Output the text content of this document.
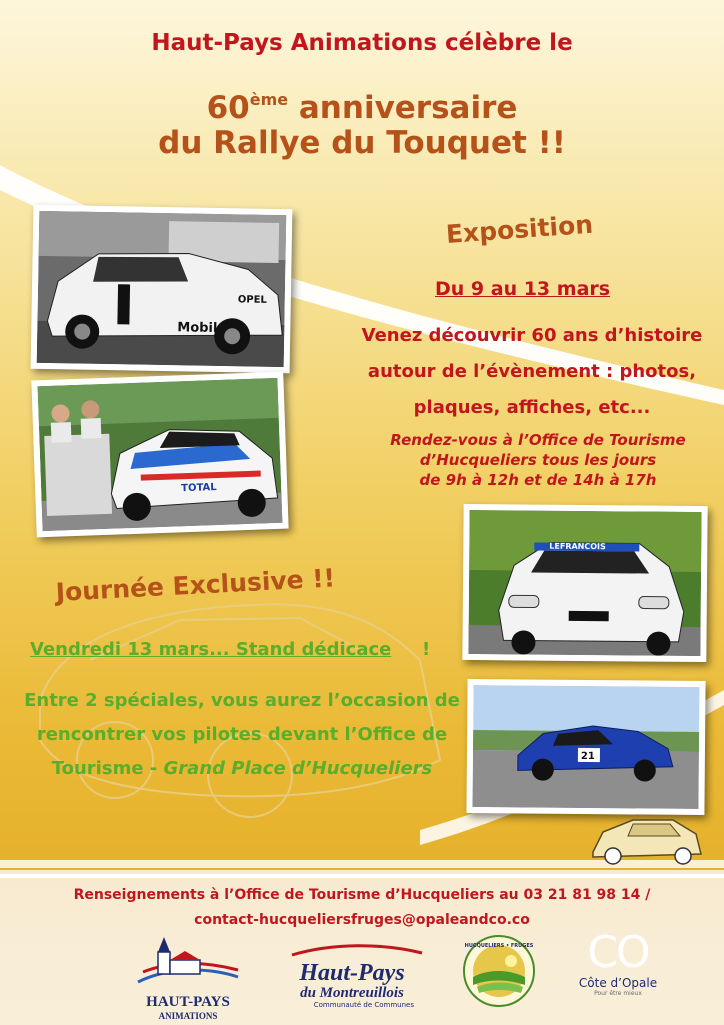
Haut-Pays Animations célèbre le
60ème anniversaire
du Rallye du Touquet !!
Mobil
OPEL
TOTAL
Exposition
Du 9 au 13 mars
Venez découvrir 60 ans d’histoire
autour de l’évènement : photos,
plaques, affiches, etc...
Rendez-vous à l’Office de Tourisme
d’Hucqueliers tous les jours
de 9h à 12h et de 14h à 17h
LEFRANCOIS
21
Journée Exclusive !!
Vendredi 13 mars... Stand dédicace !
Entre 2 spéciales, vous aurez l’occasion de
rencontrer vos pilotes devant l’Office de
Tourisme - Grand Place d’Hucqueliers
Renseignements à l’Office de Tourisme d’Hucqueliers au 03 21 81 98 14 /
contact-hucqueliersfruges@opaleandco.co
HAUT-PAYS
ANIMATIONS
Haut-Pays
du Montreuillois
Communauté de Communes
HUCQUELIERS • FRUGES	CO
Côte d’Opale
Pour être mieux
